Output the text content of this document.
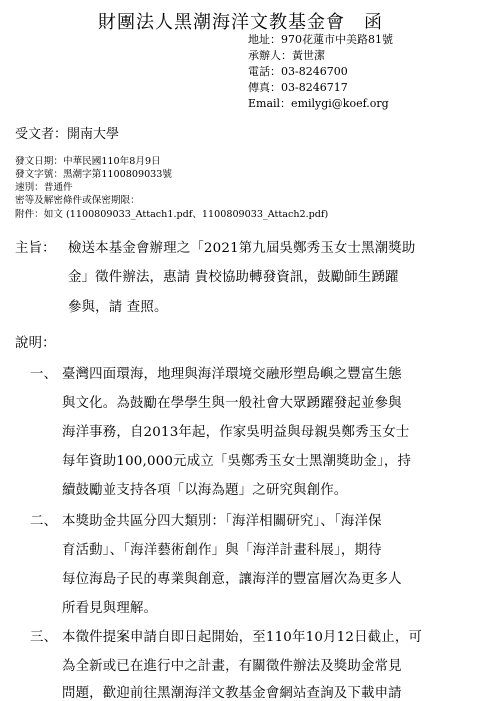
財團法人黑潮海洋文教基金會　函
地址：970花蓮市中美路81號
承辦人：黃世潔
電話：03-8246700
傳真：03-8246717
Email：emilygi@koef.org
受文者：開南大學
發文日期：中華民國110年8月9日
發文字號：黑潮字第1100809033號
速別：普通件
密等及解密條件或保密期限：
附件：如文 (1100809033_Attach1.pdf、1100809033_Attach2.pdf)
主旨： 檢送本基金會辦理之「2021第九屆吳鄭秀玉女士黑潮獎助
金」徵件辦法，惠請 貴校協助轉發資訊，鼓勵師生踴躍
參與，請 查照。
說明：
一、 臺灣四面環海，地理與海洋環境交融形塑島嶼之豐富生態
與文化。為鼓勵在學學生與一般社會大眾踴躍發起並參與
海洋事務，自2013年起，作家吳明益與母親吳鄭秀玉女士
每年資助100,000元成立「吳鄭秀玉女士黑潮獎助金」，持
續鼓勵並支持各項「以海為題」之研究與創作。
二、 本獎助金共區分四大類別：「海洋相關研究」、「海洋保
育活動」、「海洋藝術創作」與「海洋計畫科展」，期待
每位海島子民的專業與創意，讓海洋的豐富層次為更多人
所看見與理解。
三、 本徵件提案申請自即日起開始，至110年10月12日截止，可
為全新或已在進行中之計畫，有關徵件辦法及獎助金常見
問題，歡迎前往黑潮海洋文教基金會網站查詢及下載申請
